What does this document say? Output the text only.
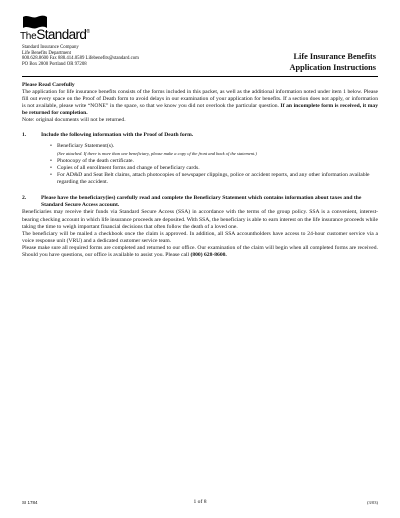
TheStandard®
Standard Insurance Company
Life Benefits Department
800.628.8600 Fax 888.414.0589 Lifebenefits@standard.com
PO Box 2800 Portland OR 97208
Life Insurance Benefits
Application Instructions

Please Read Carefully

The application for life insurance benefits consists of the forms included in this packet, as well as the additional information noted under item 1 below. Please fill out every space on the Proof of Death form to avoid delays in our examination of your application for benefits. If a section does not apply, or information is not available, please write “NONE” in the space, so that we know you did not overlook the particular question. If an incomplete form is received, it may be returned for completion.

Note: original documents will not be returned.

1.	Include the following information with the Proof of Death form.
• Beneficiary Statement(s).
(See attached. If there is more than one beneficiary, please make a copy of the front and back of the statement.)
• Photocopy of the death certificate.
• Copies of all enrollment forms and change of beneficiary cards.
• For AD&D and Seat Belt claims, attach photocopies of newspaper clippings, police or accident reports, and any other information available regarding the accident.
2.	Please have the beneficiary(ies) carefully read and complete the Beneficiary Statement which contains information about taxes and the Standard Secure Access account.

Beneficiaries may receive their funds via Standard Secure Access (SSA) in accordance with the terms of the group policy. SSA is a convenient, interest-bearing checking account in which life insurance proceeds are deposited. With SSA, the beneficiary is able to earn interest on the life insurance proceeds while taking the time to weigh important financial decisions that often follow the death of a loved one.

The beneficiary will be mailed a checkbook once the claim is approved. In addition, all SSA accountholders have access to 24-hour customer service via a voice response unit (VRU) and a dedicated customer service team.

Please make sure all required forms are completed and returned to our office. Our examination of the claim will begin when all completed forms are received. Should you have questions, our office is available to assist you. Please call (800) 628-8600.

SI 1784	1 of 8	(3/03)
